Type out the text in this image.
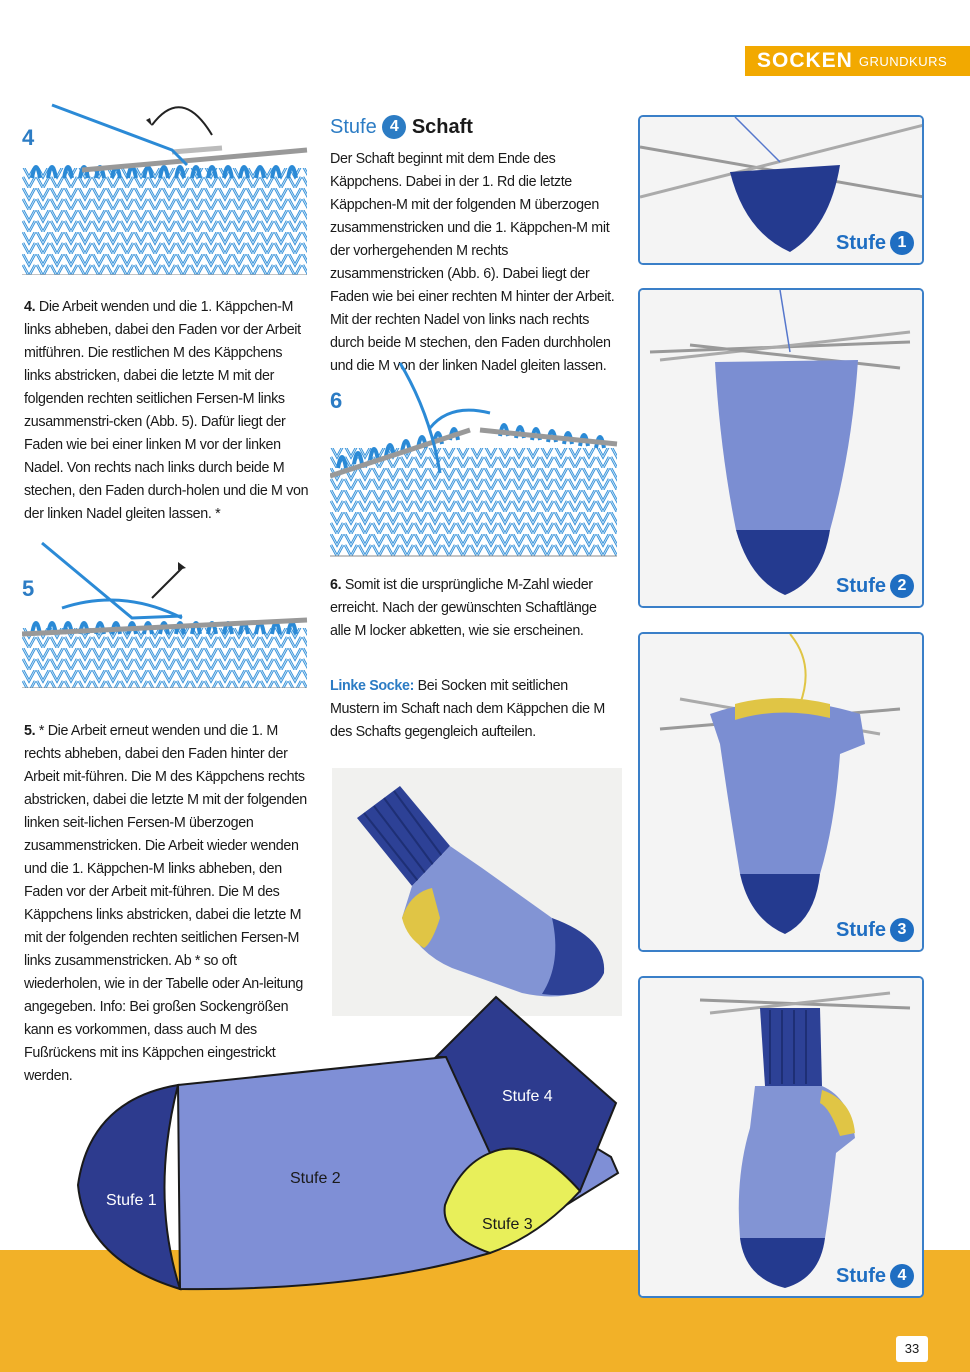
SOCKEN GRUNDKURS
4
4. Die Arbeit wenden und die 1. Käppchen-M links abheben, dabei den Faden vor der Arbeit mitführen. Die restlichen M des Käppchens links abstricken, dabei die letzte M mit der folgenden rechten seitlichen Fersen-M links zusammenstri-cken (Abb. 5). Dafür liegt der Faden wie bei einer linken M vor der linken Nadel. Von rechts nach links durch beide M stechen, den Faden durch-holen und die M von der linken Nadel gleiten lassen. *
5
5. * Die Arbeit erneut wenden und die 1. M rechts abheben, dabei den Faden hinter der Arbeit mit-führen. Die M des Käppchens rechts abstricken, dabei die letzte M mit der folgenden linken seit-lichen Fersen-M überzogen zusammenstricken. Die Arbeit wieder wenden und die 1. Käppchen-M links abheben, den Faden vor der Arbeit mit-führen. Die M des Käppchens links abstricken, dabei die letzte M mit der folgenden rechten seitlichen Fersen-M links zusammenstricken. Ab * so oft wiederholen, wie in der Tabelle oder An-leitung angegeben. Info: Bei großen Sockengrößen kann es vorkommen, dass auch M des Fußrückens mit ins Käppchen eingestrickt werden.
Stufe 4 Schaft
Der Schaft beginnt mit dem Ende des Käppchens. Dabei in der 1. Rd die letzte Käppchen-M mit der folgenden M überzogen zusammenstricken und die 1. Käppchen-M mit der vorhergehenden M rechts zusammenstricken (Abb. 6). Dabei liegt der Faden wie bei einer rechten M hinter der Arbeit. Mit der rechten Nadel von links nach rechts durch beide M stechen, den Faden durchholen und die M von der linken Nadel gleiten lassen.
6
6. Somit ist die ursprüngliche M-Zahl wieder erreicht. Nach der gewünschten Schaftlänge alle M locker abketten, wie sie erscheinen.
Linke Socke: Bei Socken mit seitlichen Mustern im Schaft nach dem Käppchen die M des Schafts gegengleich aufteilen.
Stufe 1
Stufe 2
Stufe 3
Stufe 4
Stufe 1
Stufe 2
Stufe 3
Stufe 4
33
